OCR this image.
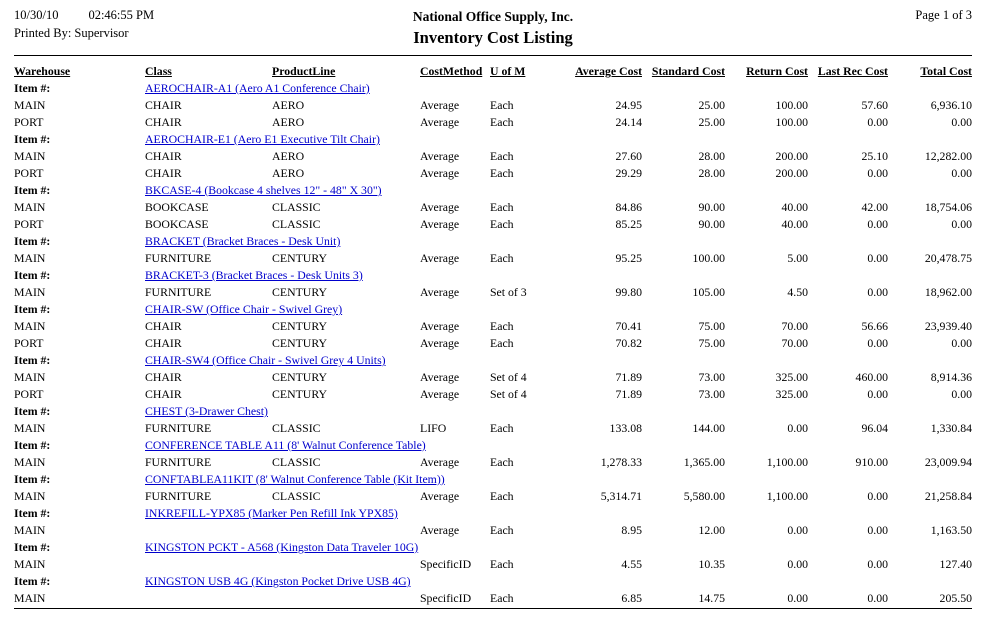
10/30/10 02:46:55 PM
Printed By: Supervisor
National Office Supply, Inc.
Inventory Cost Listing
Page 1 of 3
Warehouse	Class	ProductLine	CostMethod	U of M	Average Cost	Standard Cost	Return Cost	Last Rec Cost	Total Cost
Item #:	AEROCHAIR-A1 (Aero A1 Conference Chair)								
MAIN	CHAIR	AERO	Average	Each	24.95	25.00	100.00	57.60	6,936.10
PORT	CHAIR	AERO	Average	Each	24.14	25.00	100.00	0.00	0.00
Item #:	AEROCHAIR-E1 (Aero E1 Executive Tilt Chair)								
MAIN	CHAIR	AERO	Average	Each	27.60	28.00	200.00	25.10	12,282.00
PORT	CHAIR	AERO	Average	Each	29.29	28.00	200.00	0.00	0.00
Item #:	BKCASE-4 (Bookcase 4 shelves 12" - 48" X 30")								
MAIN	BOOKCASE	CLASSIC	Average	Each	84.86	90.00	40.00	42.00	18,754.06
PORT	BOOKCASE	CLASSIC	Average	Each	85.25	90.00	40.00	0.00	0.00
Item #:	BRACKET (Bracket Braces - Desk Unit)								
MAIN	FURNITURE	CENTURY	Average	Each	95.25	100.00	5.00	0.00	20,478.75
Item #:	BRACKET-3 (Bracket Braces - Desk Units 3)								
MAIN	FURNITURE	CENTURY	Average	Set of 3	99.80	105.00	4.50	0.00	18,962.00
Item #:	CHAIR-SW (Office Chair - Swivel Grey)								
MAIN	CHAIR	CENTURY	Average	Each	70.41	75.00	70.00	56.66	23,939.40
PORT	CHAIR	CENTURY	Average	Each	70.82	75.00	70.00	0.00	0.00
Item #:	CHAIR-SW4 (Office Chair - Swivel Grey 4 Units)								
MAIN	CHAIR	CENTURY	Average	Set of 4	71.89	73.00	325.00	460.00	8,914.36
PORT	CHAIR	CENTURY	Average	Set of 4	71.89	73.00	325.00	0.00	0.00
Item #:	CHEST (3-Drawer Chest)								
MAIN	FURNITURE	CLASSIC	LIFO	Each	133.08	144.00	0.00	96.04	1,330.84
Item #:	CONFERENCE TABLE A11 (8' Walnut Conference Table)								
MAIN	FURNITURE	CLASSIC	Average	Each	1,278.33	1,365.00	1,100.00	910.00	23,009.94
Item #:	CONFTABLEA11KIT (8' Walnut Conference Table (Kit Item))								
MAIN	FURNITURE	CLASSIC	Average	Each	5,314.71	5,580.00	1,100.00	0.00	21,258.84
Item #:	INKREFILL-YPX85 (Marker Pen Refill Ink YPX85)								
MAIN			Average	Each	8.95	12.00	0.00	0.00	1,163.50
Item #:	KINGSTON PCKT - A568 (Kingston Data Traveler 10G)								
MAIN			SpecificID	Each	4.55	10.35	0.00	0.00	127.40
Item #:	KINGSTON USB 4G (Kingston Pocket Drive USB 4G)								
MAIN			SpecificID	Each	6.85	14.75	0.00	0.00	205.50
